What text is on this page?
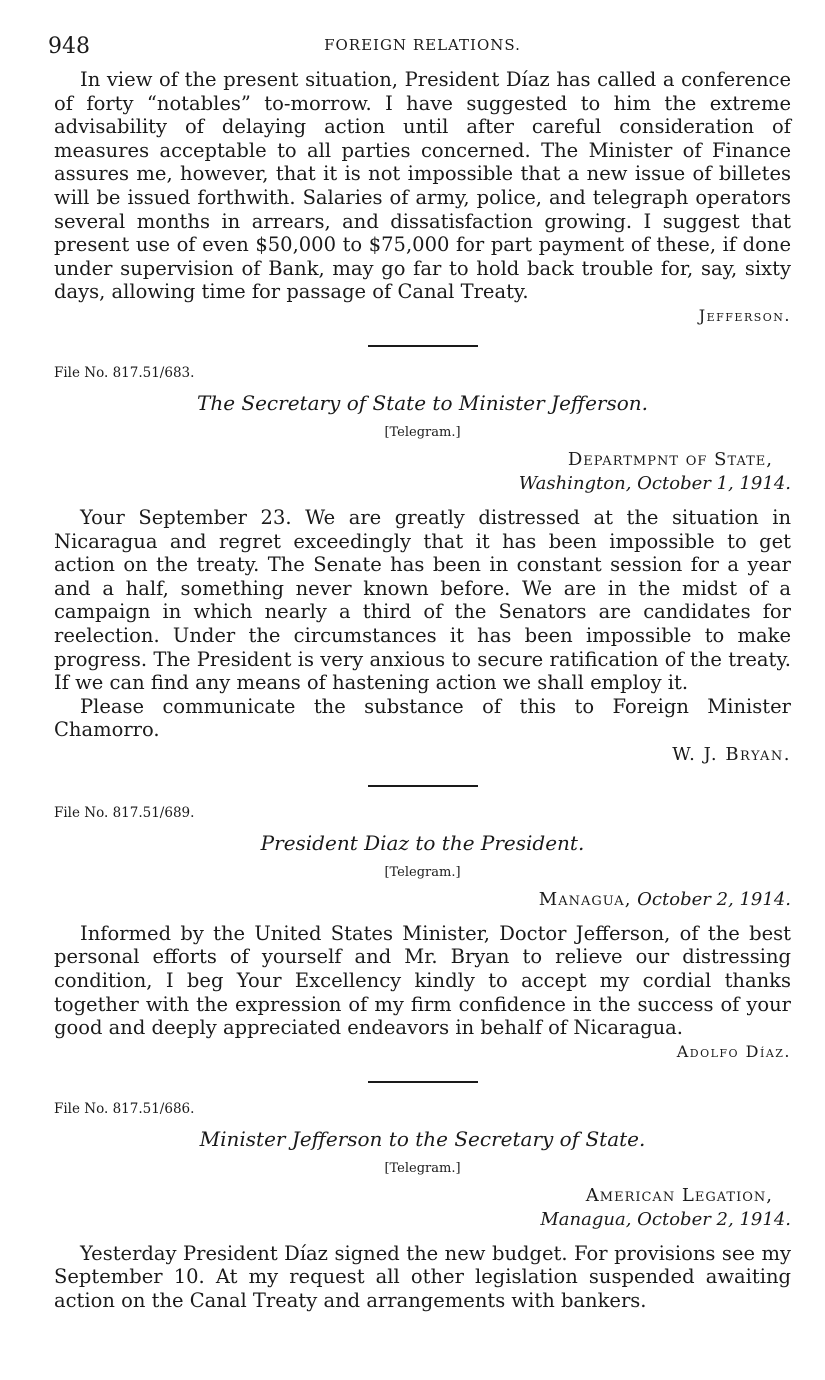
948	FOREIGN RELATIONS.

In view of the present situation, President Díaz has called a conference of forty “notables” to-morrow. I have suggested to him the extreme advisability of delaying action until after careful consideration of measures acceptable to all parties concerned. The Minister of Finance assures me, however, that it is not impossible that a new issue of billetes will be issued forthwith. Salaries of army, police, and telegraph operators several months in arrears, and dissatisfaction growing. I suggest that present use of even $50,000 to $75,000 for part payment of these, if done under supervision of Bank, may go far to hold back trouble for, say, sixty days, allowing time for passage of Canal Treaty.

Jefferson.
File No. 817.51/683.
The Secretary of State to Minister Jefferson.
[Telegram.]
Departmpnt of State,
Washington, October 1, 1914.

Your September 23. We are greatly distressed at the situation in Nicaragua and regret exceedingly that it has been impossible to get action on the treaty. The Senate has been in constant session for a year and a half, something never known before. We are in the midst of a campaign in which nearly a third of the Senators are candidates for reelection. Under the circumstances it has been impossible to make progress. The President is very anxious to secure ratification of the treaty. If we can find any means of hastening action we shall employ it.

Please communicate the substance of this to Foreign Minister Chamorro.

W. J. Bryan.
File No. 817.51/689.
President Diaz to the President.
[Telegram.]
Managua, October 2, 1914.

Informed by the United States Minister, Doctor Jefferson, of the best personal efforts of yourself and Mr. Bryan to relieve our distressing condition, I beg Your Excellency kindly to accept my cordial thanks together with the expression of my firm confidence in the success of your good and deeply appreciated endeavors in behalf of Nicaragua.

Adolfo Díaz.
File No. 817.51/686.
Minister Jefferson to the Secretary of State.
[Telegram.]
American Legation,
Managua, October 2, 1914.

Yesterday President Díaz signed the new budget. For provisions see my September 10. At my request all other legislation suspended awaiting action on the Canal Treaty and arrangements with bankers.
